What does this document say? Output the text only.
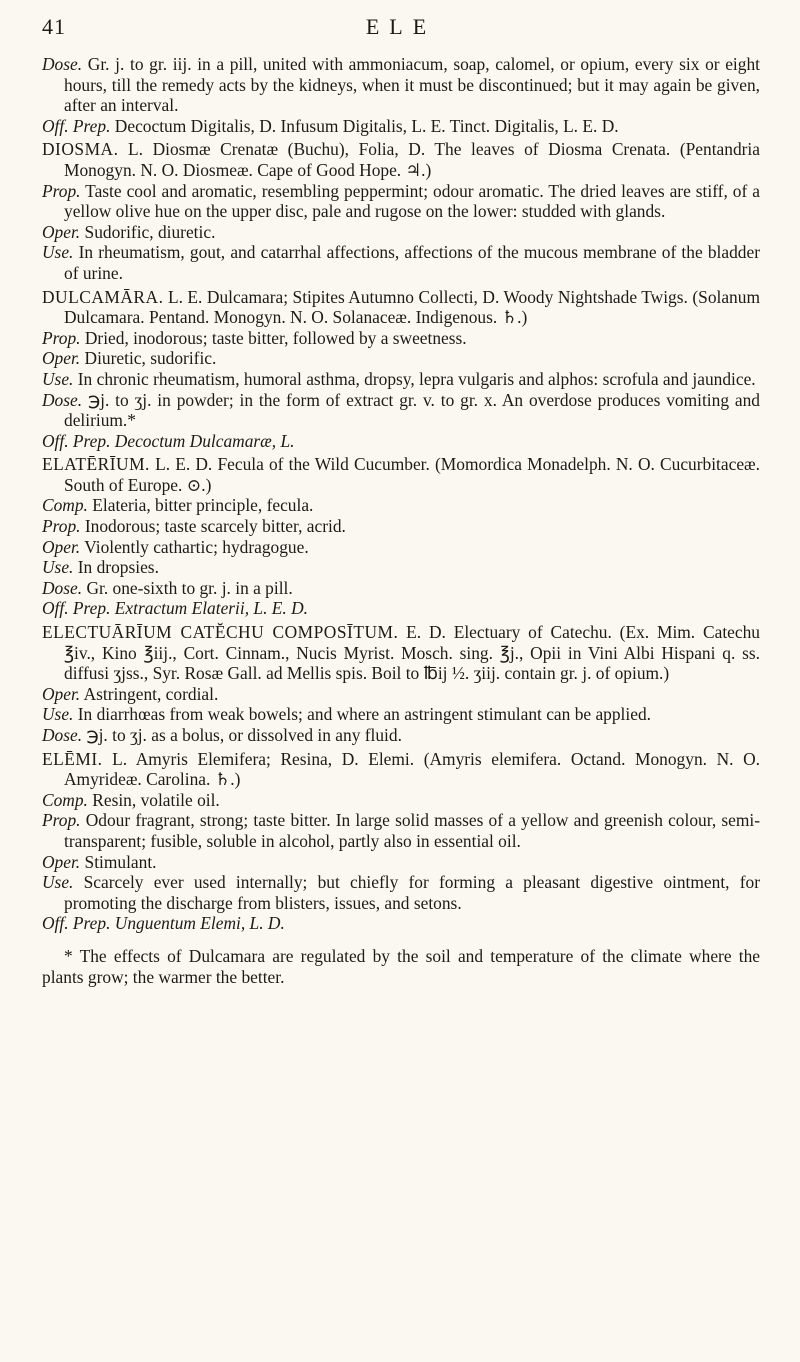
41	ELE

Dose. Gr. j. to gr. iij. in a pill, united with ammoniacum, soap, calomel, or opium, every six or eight hours, till the remedy acts by the kidneys, when it must be discontinued; but it may again be given, after an interval.

Off. Prep. Decoctum Digitalis, D. Infusum Digitalis, L. E. Tinct. Digitalis, L. E. D.

DIOSMA. L. Diosmæ Crenatæ (Buchu), Folia, D. The leaves of Diosma Crenata. (Pentandria Monogyn. N. O. Diosmeæ. Cape of Good Hope. ♃.)

Prop. Taste cool and aromatic, resembling peppermint; odour aromatic. The dried leaves are stiff, of a yellow olive hue on the upper disc, pale and rugose on the lower: studded with glands.

Oper. Sudorific, diuretic.

Use. In rheumatism, gout, and catarrhal affections, affections of the mucous membrane of the bladder of urine.

DULCAMĀRA. L. E. Dulcamara; Stipites Autumno Collecti, D. Woody Nightshade Twigs. (Solanum Dulcamara. Pentand. Monogyn. N. O. Solanaceæ. Indigenous. ♄.)

Prop. Dried, inodorous; taste bitter, followed by a sweetness.

Oper. Diuretic, sudorific.

Use. In chronic rheumatism, humoral asthma, dropsy, lepra vulgaris and alphos: scrofula and jaundice.

Dose. ℈j. to ʒj. in powder; in the form of extract gr. v. to gr. x. An overdose produces vomiting and delirium.*

Off. Prep. Decoctum Dulcamaræ, L.

ELATĒRĪUM. L. E. D. Fecula of the Wild Cucumber. (Momordica Monadelph. N. O. Cucurbitaceæ. South of Europe. ⊙.)

Comp. Elateria, bitter principle, fecula.

Prop. Inodorous; taste scarcely bitter, acrid.

Oper. Violently cathartic; hydragogue.

Use. In dropsies.

Dose. Gr. one-sixth to gr. j. in a pill.

Off. Prep. Extractum Elaterii, L. E. D.

ELECTUĀRĪUM CATĔCHU COMPOSĪTUM. E. D. Electuary of Catechu. (Ex. Mim. Catechu ℥iv., Kino ℥iij., Cort. Cinnam., Nucis Myrist. Mosch. sing. ℥j., Opii in Vini Albi Hispani q. ss. diffusi ʒjss., Syr. Rosæ Gall. ad Mellis spis. Boil to ℔ij ½. ʒiij. contain gr. j. of opium.)

Oper. Astringent, cordial.

Use. In diarrhœas from weak bowels; and where an astringent stimulant can be applied.

Dose. ℈j. to ʒj. as a bolus, or dissolved in any fluid.

ELĒMI. L. Amyris Elemifera; Resina, D. Elemi. (Amyris elemifera. Octand. Monogyn. N. O. Amyrideæ. Carolina. ♄.)

Comp. Resin, volatile oil.

Prop. Odour fragrant, strong; taste bitter. In large solid masses of a yellow and greenish colour, semi-transparent; fusible, soluble in alcohol, partly also in essential oil.

Oper. Stimulant.

Use. Scarcely ever used internally; but chiefly for forming a pleasant digestive ointment, for promoting the discharge from blisters, issues, and setons.

Off. Prep. Unguentum Elemi, L. D.

* The effects of Dulcamara are regulated by the soil and temperature of the climate where the plants grow; the warmer the better.
